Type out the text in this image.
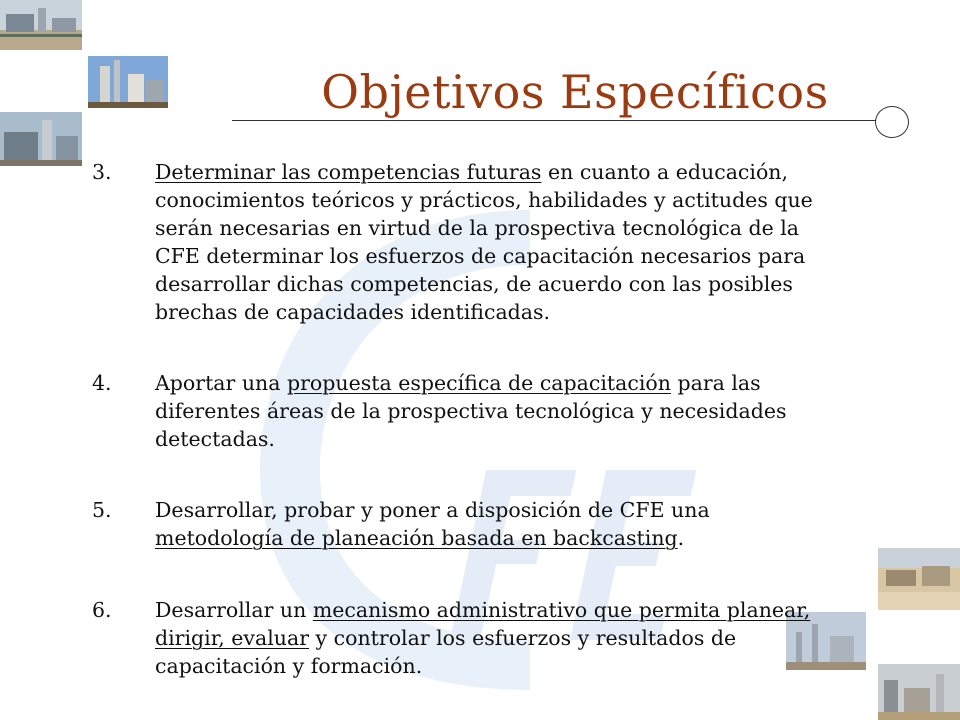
Objetivos Específicos
3.	Determinar las competencias futuras en cuanto a educación,
conocimientos teóricos y prácticos, habilidades y actitudes que
serán necesarias en virtud de la prospectiva tecnológica de la
CFE determinar los esfuerzos de capacitación necesarios para
desarrollar dichas competencias, de acuerdo con las posibles
brechas de capacidades identificadas.
4.	Aportar una propuesta específica de capacitación para las
diferentes áreas de la prospectiva tecnológica y necesidades
detectadas.
5.	Desarrollar, probar y poner a disposición de CFE una
metodología de planeación basada en backcasting.
6.	Desarrollar un mecanismo administrativo que permita planear,
dirigir, evaluar y controlar los esfuerzos y resultados de
capacitación y formación.
